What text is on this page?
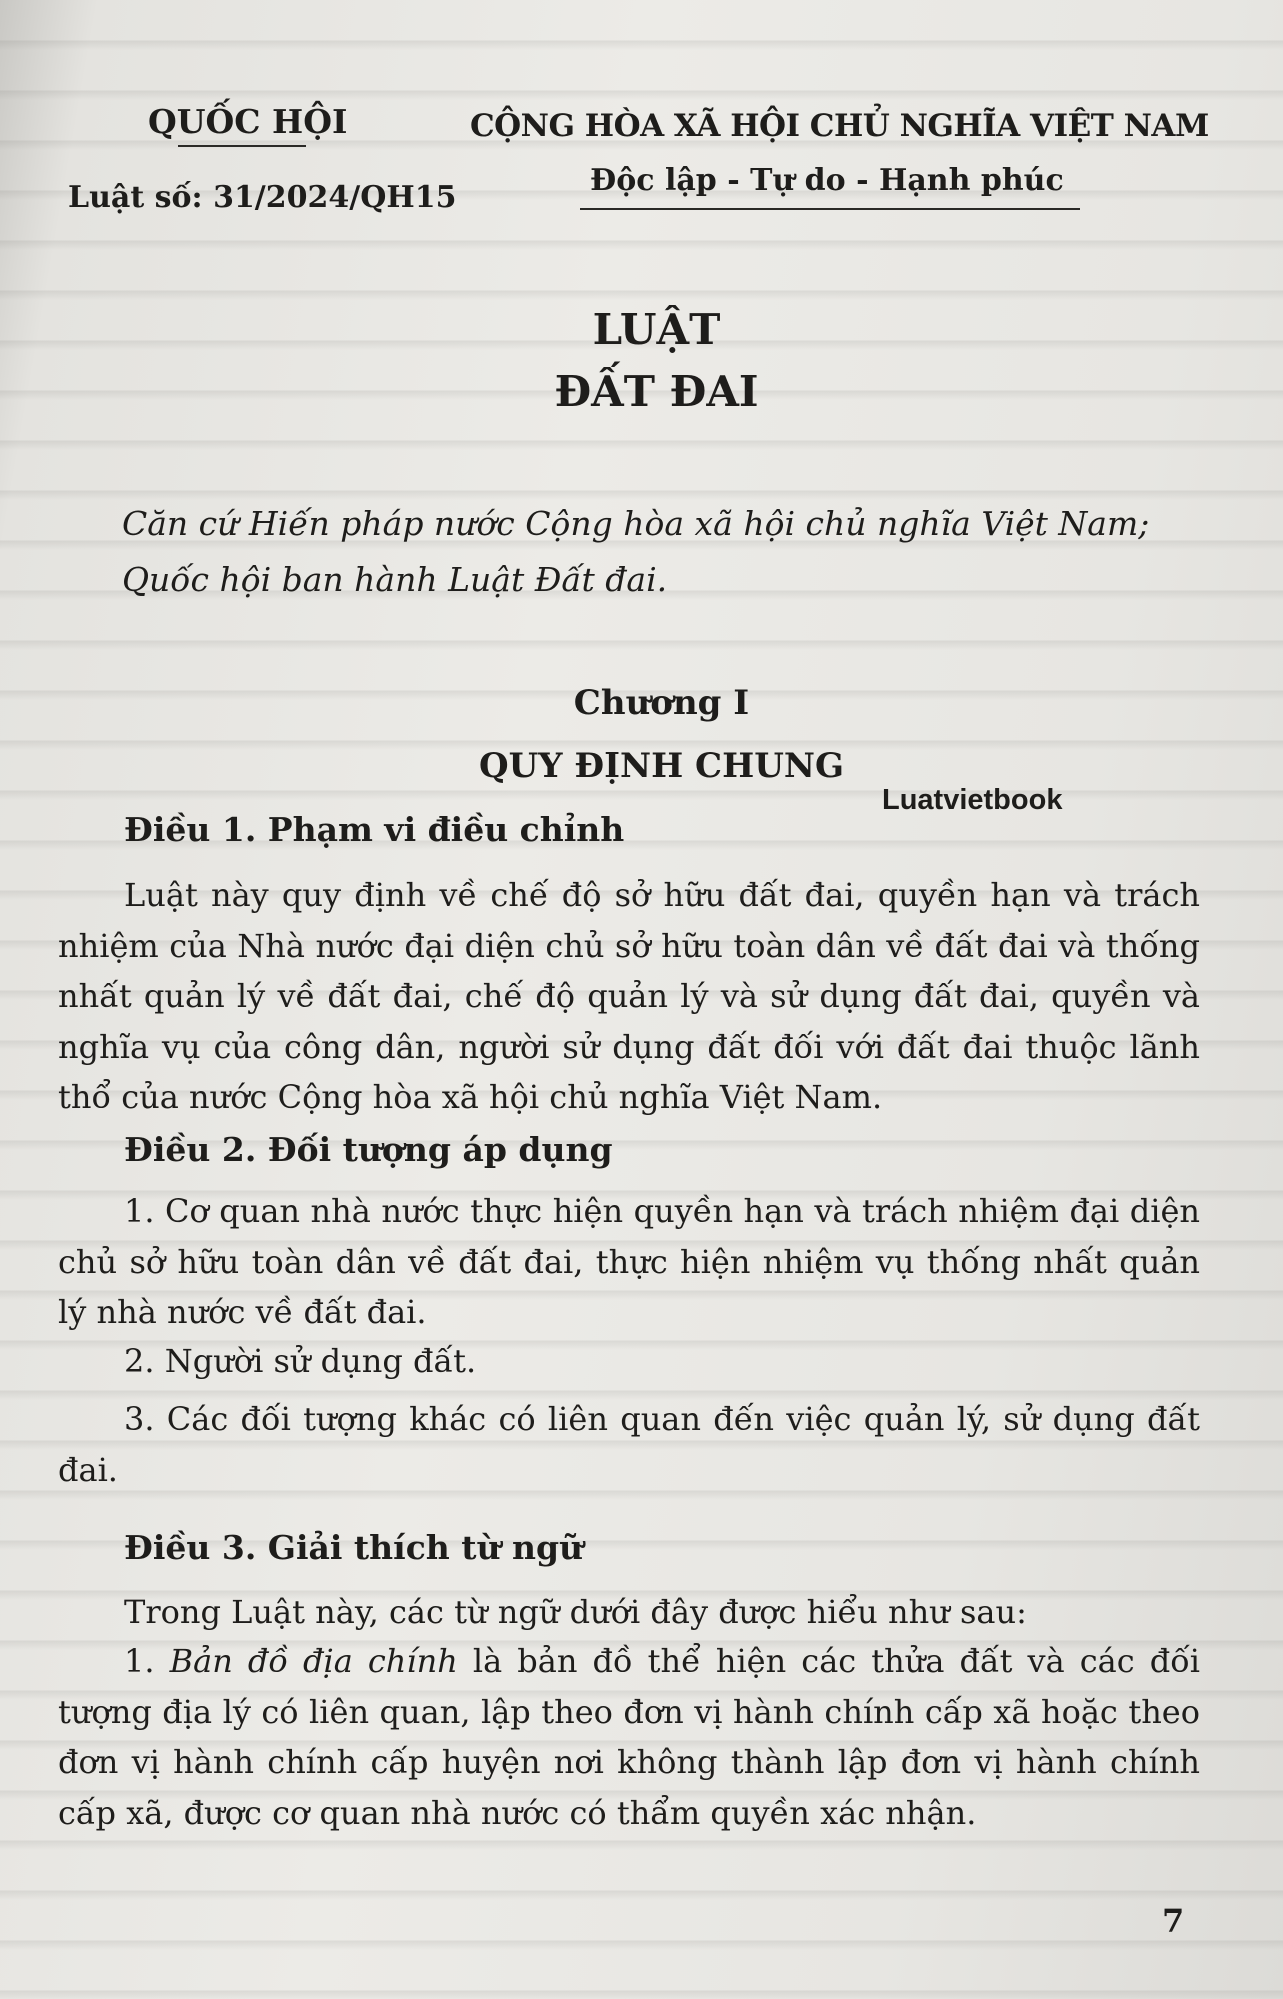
QUỐC HỘI	CỘNG HÒA XÃ HỘI CHỦ NGHĨA VIỆT NAM
Luật số: 31/2024/QH15	Độc lập - Tự do - Hạnh phúc
LUẬT
ĐẤT ĐAI
Căn cứ Hiến pháp nước Cộng hòa xã hội chủ nghĩa Việt Nam;
Quốc hội ban hành Luật Đất đai.
Chương I
QUY ĐỊNH CHUNG
Luatvietbook
Điều 1. Phạm vi điều chỉnh

Luật này quy định về chế độ sở hữu đất đai, quyền hạn và trách nhiệm của Nhà nước đại diện chủ sở hữu toàn dân về đất đai và thống nhất quản lý về đất đai, chế độ quản lý và sử dụng đất đai, quyền và nghĩa vụ của công dân, người sử dụng đất đối với đất đai thuộc lãnh thổ của nước Cộng hòa xã hội chủ nghĩa Việt Nam.

Điều 2. Đối tượng áp dụng

1. Cơ quan nhà nước thực hiện quyền hạn và trách nhiệm đại diện chủ sở hữu toàn dân về đất đai, thực hiện nhiệm vụ thống nhất quản lý nhà nước về đất đai.

2. Người sử dụng đất.

3. Các đối tượng khác có liên quan đến việc quản lý, sử dụng đất đai.

Điều 3. Giải thích từ ngữ

Trong Luật này, các từ ngữ dưới đây được hiểu như sau:

1. Bản đồ địa chính là bản đồ thể hiện các thửa đất và các đối tượng địa lý có liên quan, lập theo đơn vị hành chính cấp xã hoặc theo đơn vị hành chính cấp huyện nơi không thành lập đơn vị hành chính cấp xã, được cơ quan nhà nước có thẩm quyền xác nhận.

7
